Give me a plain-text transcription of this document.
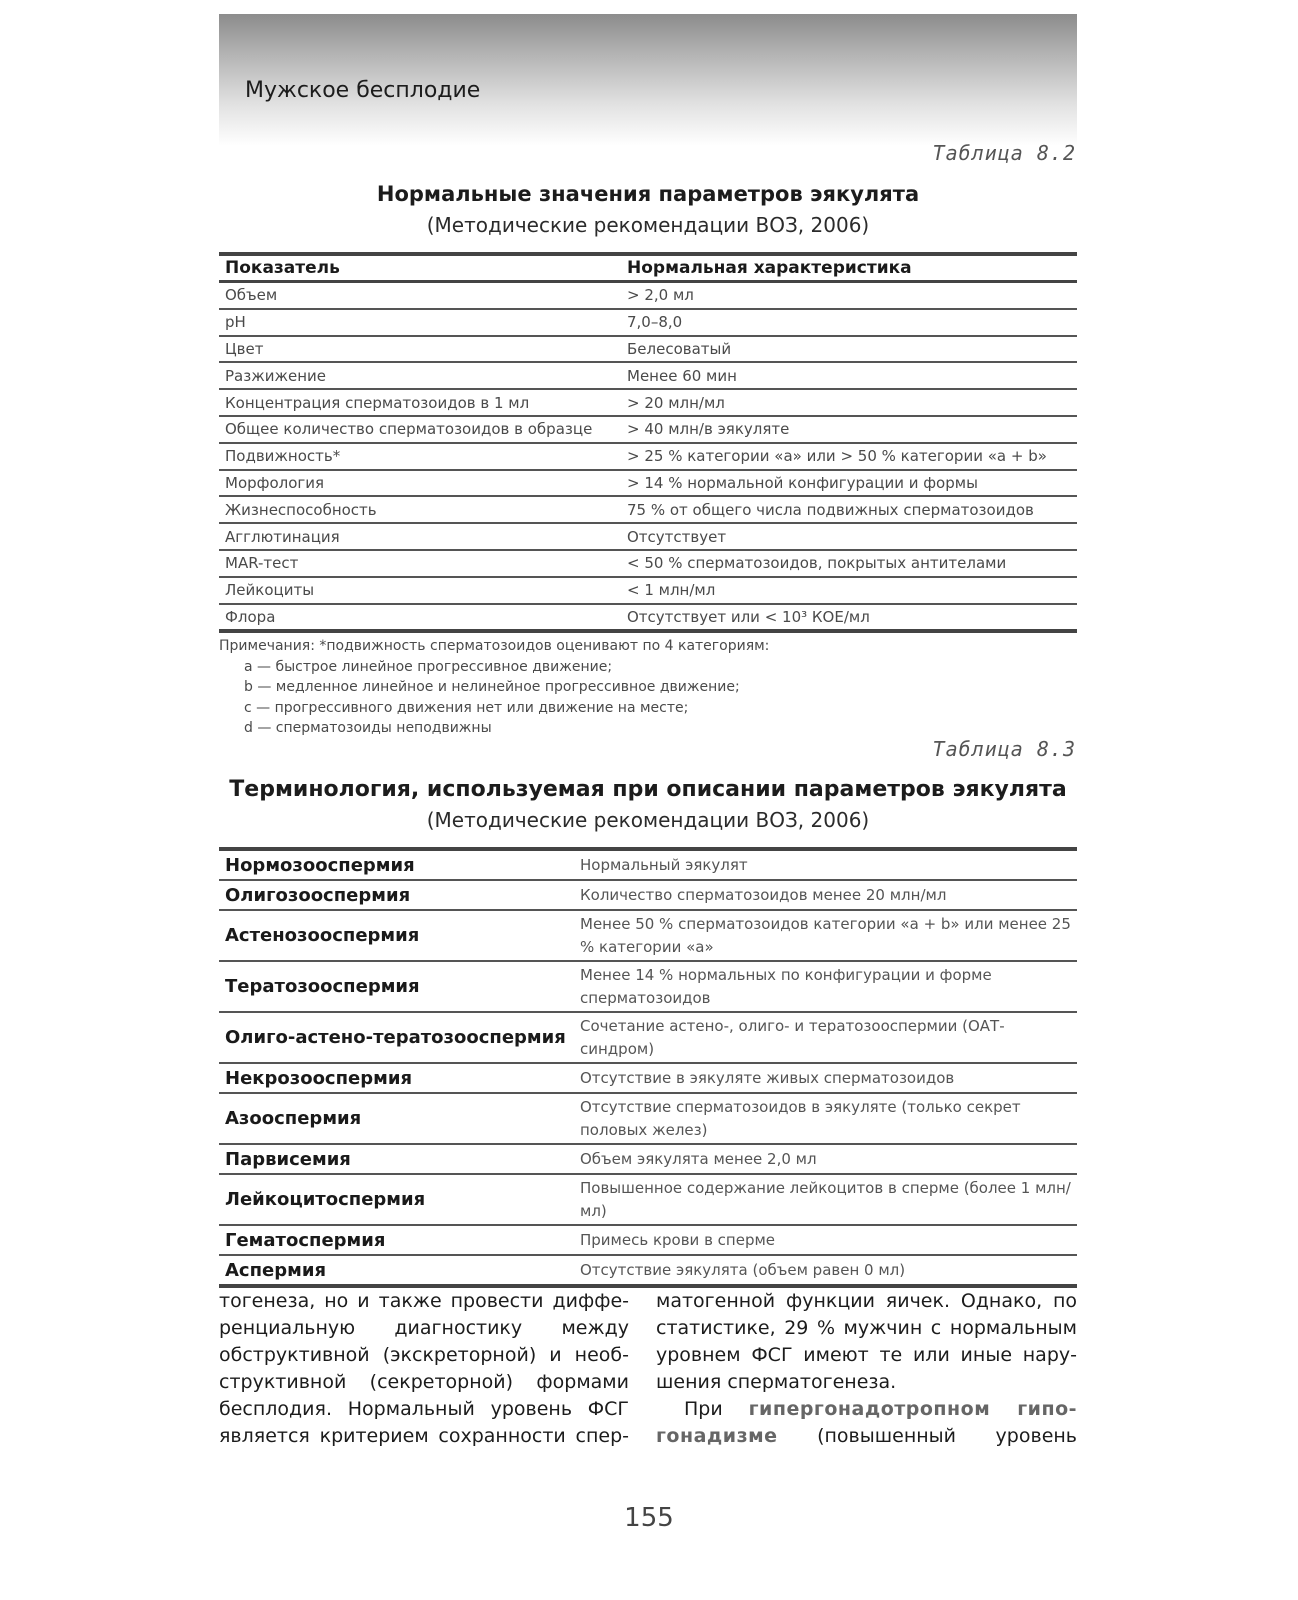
Мужское бесплодие
Таблица 8.2
Нормальные значения параметров эякулята
(Методические рекомендации ВОЗ, 2006)
Показатель	Нормальная характеристика
Объем	> 2,0 мл
pH	7,0–8,0
Цвет	Белесоватый
Разжижение	Менее 60 мин
Концентрация сперматозоидов в 1 мл	> 20 млн/мл
Общее количество сперматозоидов в образце	> 40 млн/в эякуляте
Подвижность*	> 25 % категории «а» или > 50 % категории «а + b»
Морфология	> 14 % нормальной конфигурации и формы
Жизнеспособность	75 % от общего числа подвижных сперматозоидов
Агглютинация	Отсутствует
MAR-тест	< 50 % сперматозоидов, покрытых антителами
Лейкоциты	< 1 млн/мл
Флора	Отсутствует или < 10³ КОЕ/мл
Примечания: *подвижность сперматозоидов оценивают по 4 категориям:
a — быстрое линейное прогрессивное движение;
b — медленное линейное и нелинейное прогрессивное движение;
c — прогрессивного движения нет или движение на месте;
d — сперматозоиды неподвижны
Таблица 8.3
Терминология, используемая при описании параметров эякулята
(Методические рекомендации ВОЗ, 2006)
Нормозооспермия	Нормальный эякулят
Олигозооспермия	Количество сперматозоидов менее 20 млн/мл
Астенозооспермия	Менее 50 % сперматозоидов категории «а + b» или менее 25 % категории «а»
Тератозооспермия	Менее 14 % нормальных по конфигурации и форме сперматозоидов
Олиго-астено-тератозооспермия	Сочетание астено-, олиго- и тератозооспермии (ОАТ-синдром)
Некрозооспермия	Отсутствие в эякуляте живых сперматозоидов
Азооспермия	Отсутствие сперматозоидов в эякуляте (только секрет половых желез)
Парвисемия	Объем эякулята менее 2,0 мл
Лейкоцитоспермия	Повышенное содержание лейкоцитов в сперме (более 1 млн/мл)
Гематоспермия	Примесь крови в сперме
Аспермия	Отсутствие эякулята (объем равен 0 мл)
тогенеза, но и также провести диффе-
ренциальную диагностику между
обструктивной (экскреторной) и необ-
структивной (секреторной) формами
бесплодия. Нормальный уровень ФСГ
является критерием сохранности спер-
матогенной функции яичек. Однако, по
статистике, 29 % мужчин с нормальным
уровнем ФСГ имеют те или иные нару-
шения сперматогенеза.
При гипергонадотропном гипо-
гонадизме (повышенный уровень
155
